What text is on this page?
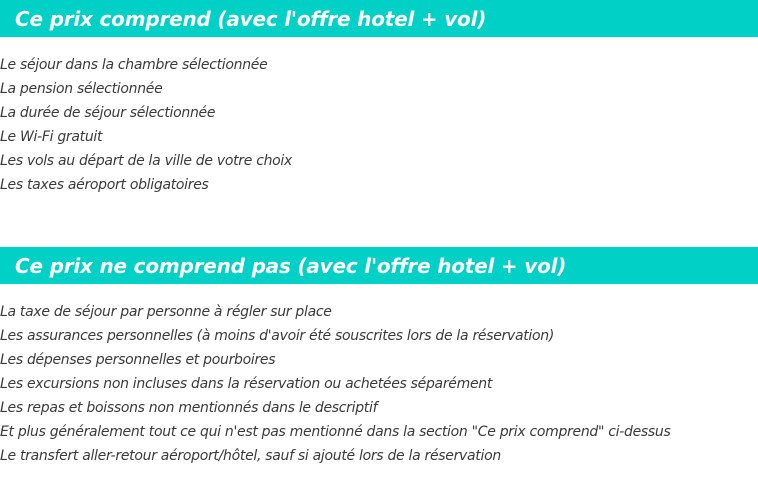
Ce prix comprend (avec l'offre hotel + vol)
Le séjour dans la chambre sélectionnée
La pension sélectionnée
La durée de séjour sélectionnée
Le Wi-Fi gratuit
Les vols au départ de la ville de votre choix
Les taxes aéroport obligatoires
Ce prix ne comprend pas (avec l'offre hotel + vol)
La taxe de séjour par personne à régler sur place
Les assurances personnelles (à moins d'avoir été souscrites lors de la réservation)
Les dépenses personnelles et pourboires
Les excursions non incluses dans la réservation ou achetées séparément
Les repas et boissons non mentionnés dans le descriptif
Et plus généralement tout ce qui n'est pas mentionné dans la section "Ce prix comprend" ci-dessus
Le transfert aller-retour aéroport/hôtel, sauf si ajouté lors de la réservation
